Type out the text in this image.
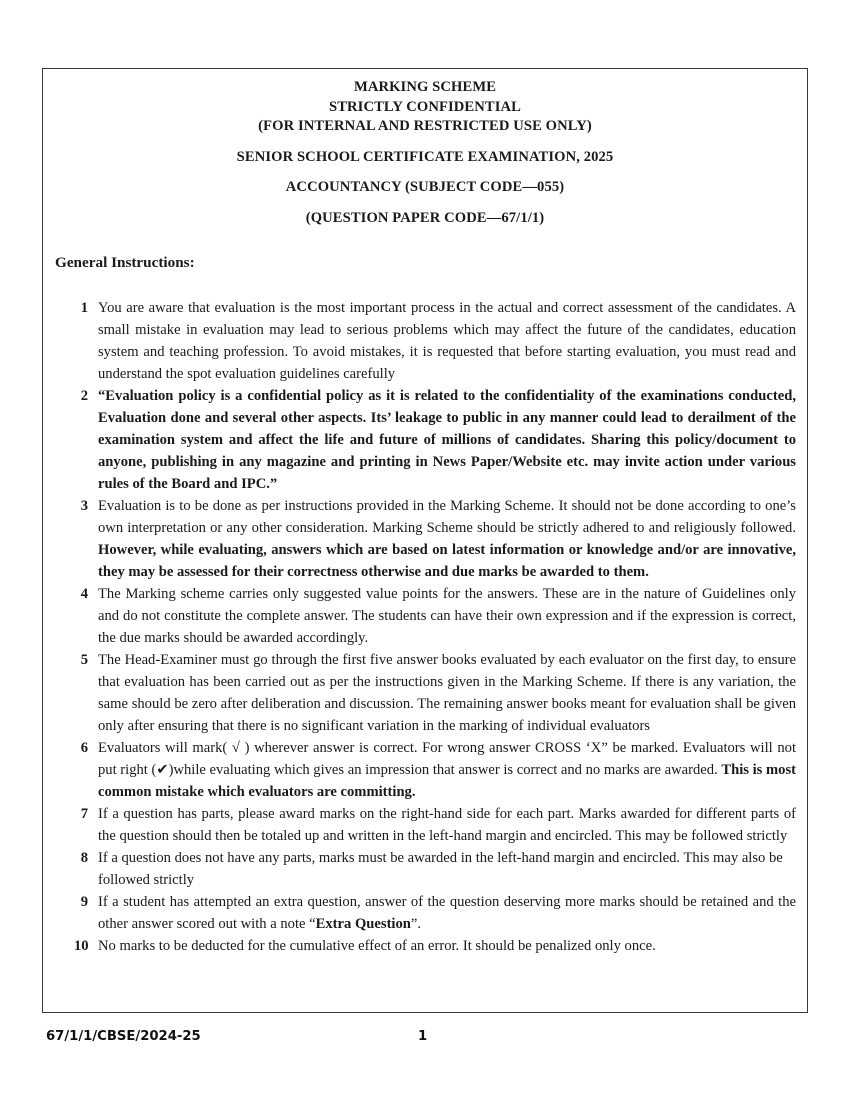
MARKING SCHEME
STRICTLY CONFIDENTIAL
(FOR INTERNAL AND RESTRICTED USE ONLY)
SENIOR SCHOOL CERTIFICATE EXAMINATION, 2025
ACCOUNTANCY (SUBJECT CODE—055)
(QUESTION PAPER CODE—67/1/1)
General Instructions:
1 You are aware that evaluation is the most important process in the actual and correct assessment of the candidates. A small mistake in evaluation may lead to serious problems which may affect the future of the candidates, education system and teaching profession. To avoid mistakes, it is requested that before starting evaluation, you must read and understand the spot evaluation guidelines carefully
2 “Evaluation policy is a confidential policy as it is related to the confidentiality of the examinations conducted, Evaluation done and several other aspects. Its’ leakage to public in any manner could lead to derailment of the examination system and affect the life and future of millions of candidates. Sharing this policy/document to anyone, publishing in any magazine and printing in News Paper/Website etc. may invite action under various rules of the Board and IPC.”
3 Evaluation is to be done as per instructions provided in the Marking Scheme. It should not be done according to one’s own interpretation or any other consideration. Marking Scheme should be strictly adhered to and religiously followed. However, while evaluating, answers which are based on latest information or knowledge and/or are innovative, they may be assessed for their correctness otherwise and due marks be awarded to them.
4 The Marking scheme carries only suggested value points for the answers. These are in the nature of Guidelines only and do not constitute the complete answer. The students can have their own expression and if the expression is correct, the due marks should be awarded accordingly.
5 The Head-Examiner must go through the first five answer books evaluated by each evaluator on the first day, to ensure that evaluation has been carried out as per the instructions given in the Marking Scheme. If there is any variation, the same should be zero after deliberation and discussion. The remaining answer books meant for evaluation shall be given only after ensuring that there is no significant variation in the marking of individual evaluators
6 Evaluators will mark( √ ) wherever answer is correct. For wrong answer CROSS ‘X” be marked. Evaluators will not put right (✔)while evaluating which gives an impression that answer is correct and no marks are awarded. This is most common mistake which evaluators are committing.
7 If a question has parts, please award marks on the right-hand side for each part. Marks awarded for different parts of the question should then be totaled up and written in the left-hand margin and encircled. This may be followed strictly
8 If a question does not have any parts, marks must be awarded in the left-hand margin and encircled. This may also be followed strictly
9 If a student has attempted an extra question, answer of the question deserving more marks should be retained and the other answer scored out with a note “Extra Question”.
10 No marks to be deducted for the cumulative effect of an error. It should be penalized only once.
67/1/1/CBSE/2024-25	1
